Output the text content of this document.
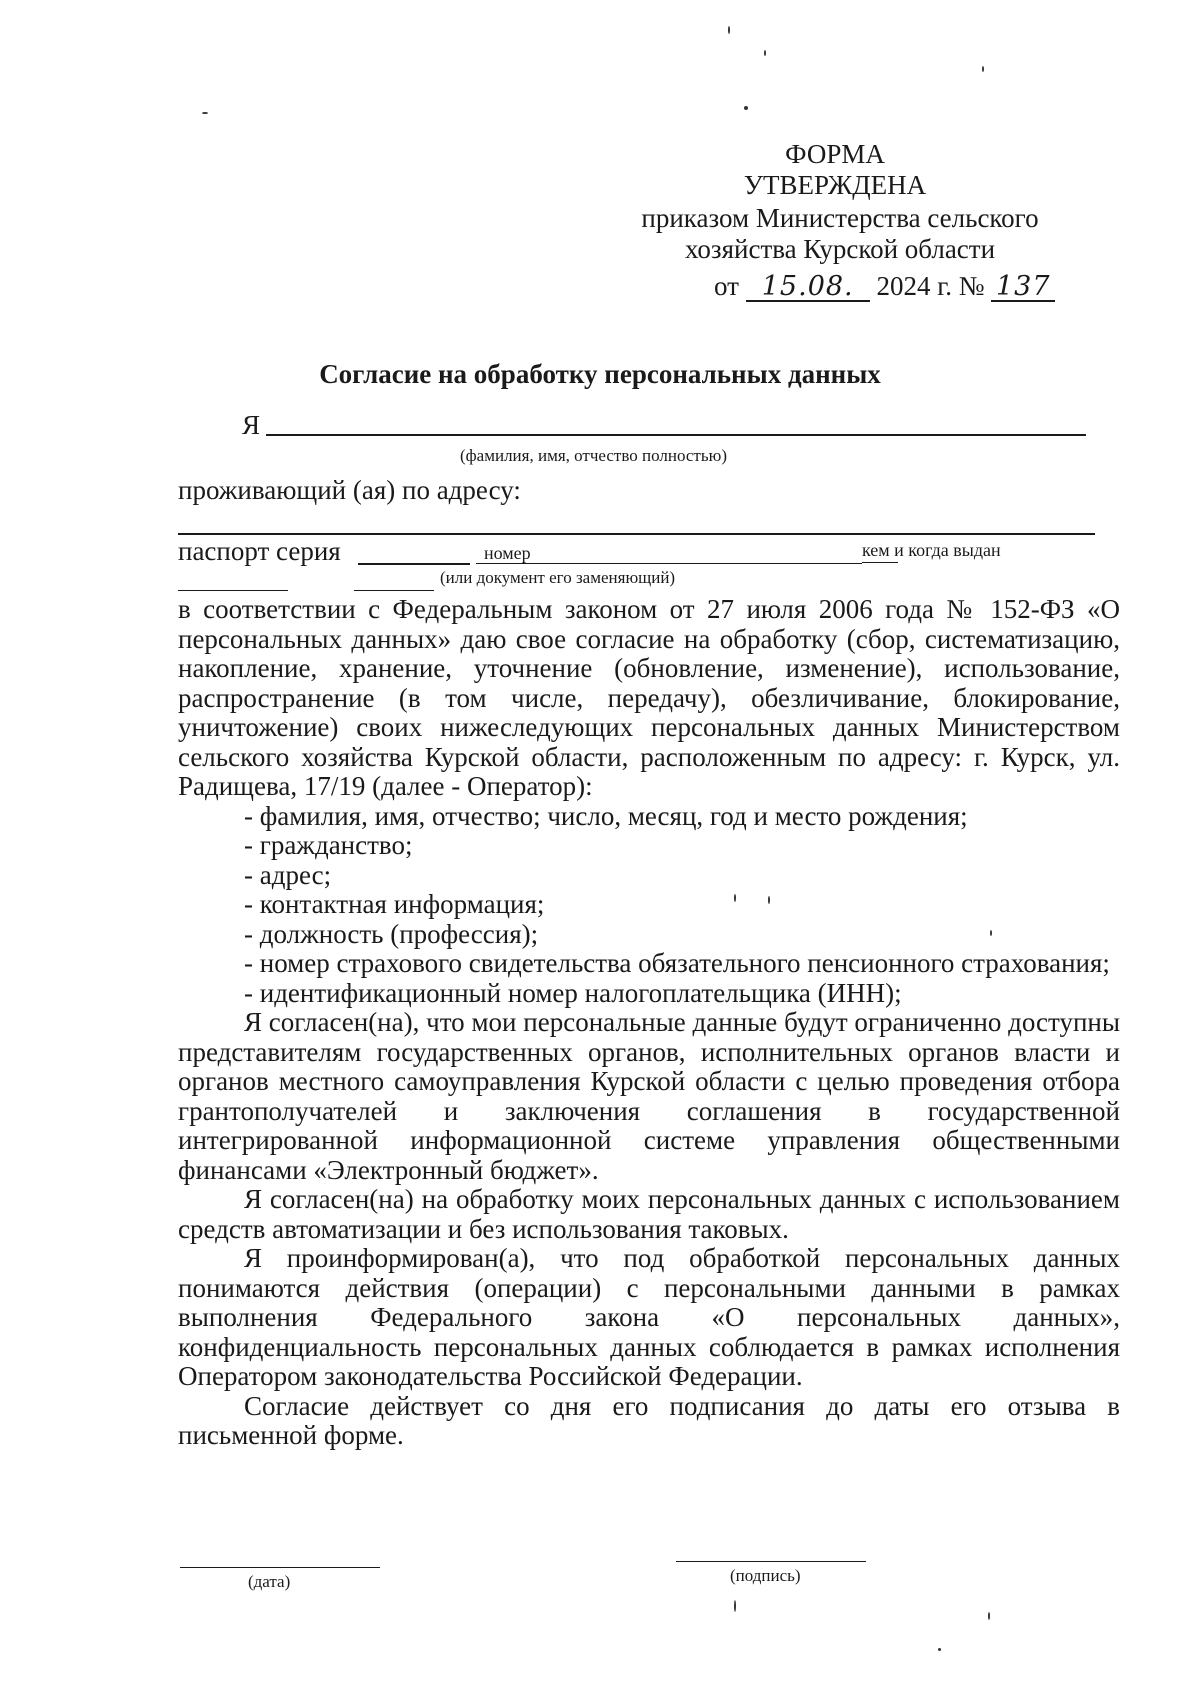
ФОРМА
УТВЕРЖДЕНА
приказом Министерства сельского
хозяйства Курской области
от 15.08. 2024 г. № 137
Согласие на обработку персональных данных
Я
(фамилия, имя, отчество полностью)
проживающий (ая) по адресу:
паспорт серия	номер	кем и когда выдан
(или документ его заменяющий)

в соответствии с Федеральным законом от 27 июля 2006 года № 152-ФЗ «О персональных данных» даю свое согласие на обработку (сбор, систематизацию, накопление, хранение, уточнение (обновление, изменение), использование, распространение (в том числе, передачу), обезличивание, блокирование, уничтожение) своих нижеследующих персональных данных Министерством сельского хозяйства Курской области, расположенным по адресу: г. Курск, ул. Радищева, 17/19 (далее - Оператор):

- фамилия, имя, отчество; число, месяц, год и место рождения;

- гражданство;

- адрес;

- контактная информация;

- должность (профессия);

- номер страхового свидетельства обязательного пенсионного страхования;

- идентификационный номер налогоплательщика (ИНН);

Я согласен(на), что мои персональные данные будут ограниченно доступны представителям государственных органов, исполнительных органов власти и органов местного самоуправления Курской области с целью проведения отбора грантополучателей и заключения соглашения в государственной интегрированной информационной системе управления общественными финансами «Электронный бюджет».

Я согласен(на) на обработку моих персональных данных с использованием средств автоматизации и без использования таковых.

Я проинформирован(а), что под обработкой персональных данных понимаются действия (операции) с персональными данными в рамках выполнения Федерального закона «О персональных данных», конфиденциальность персональных данных соблюдается в рамках исполнения Оператором законодательства Российской Федерации.

Согласие действует со дня его подписания до даты его отзыва в письменной форме.

(дата)	(подпись)
